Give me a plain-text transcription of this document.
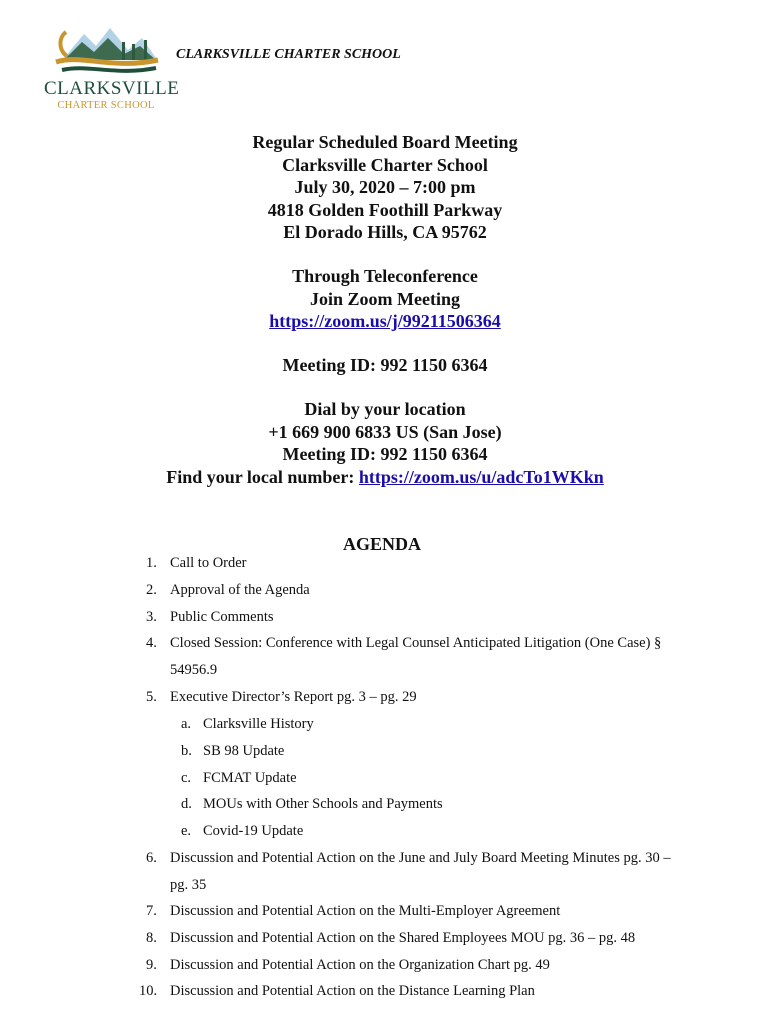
CLARKSVILLE
CHARTER SCHOOL
CLARKSVILLE CHARTER SCHOOL
Regular Scheduled Board Meeting
Clarksville Charter School
July 30, 2020 – 7:00 pm
4818 Golden Foothill Parkway
El Dorado Hills, CA 95762
Through Teleconference
Join Zoom Meeting
https://zoom.us/j/99211506364
Meeting ID: 992 1150 6364
Dial by your location
+1 669 900 6833 US (San Jose)
Meeting ID: 992 1150 6364
Find your local number: https://zoom.us/u/adcTo1WKkn
AGENDA
1. Call to Order
2. Approval of the Agenda
3. Public Comments
4. Closed Session: Conference with Legal Counsel Anticipated Litigation (One Case) §
54956.9
5. Executive Director’s Report pg. 3 – pg. 29
a. Clarksville History
b. SB 98 Update
c. FCMAT Update
d. MOUs with Other Schools and Payments
e. Covid-19 Update
6. Discussion and Potential Action on the June and July Board Meeting Minutes pg. 30 –
pg. 35
7. Discussion and Potential Action on the Multi-Employer Agreement
8. Discussion and Potential Action on the Shared Employees MOU pg. 36 – pg. 48
9. Discussion and Potential Action on the Organization Chart pg. 49
10. Discussion and Potential Action on the Distance Learning Plan
